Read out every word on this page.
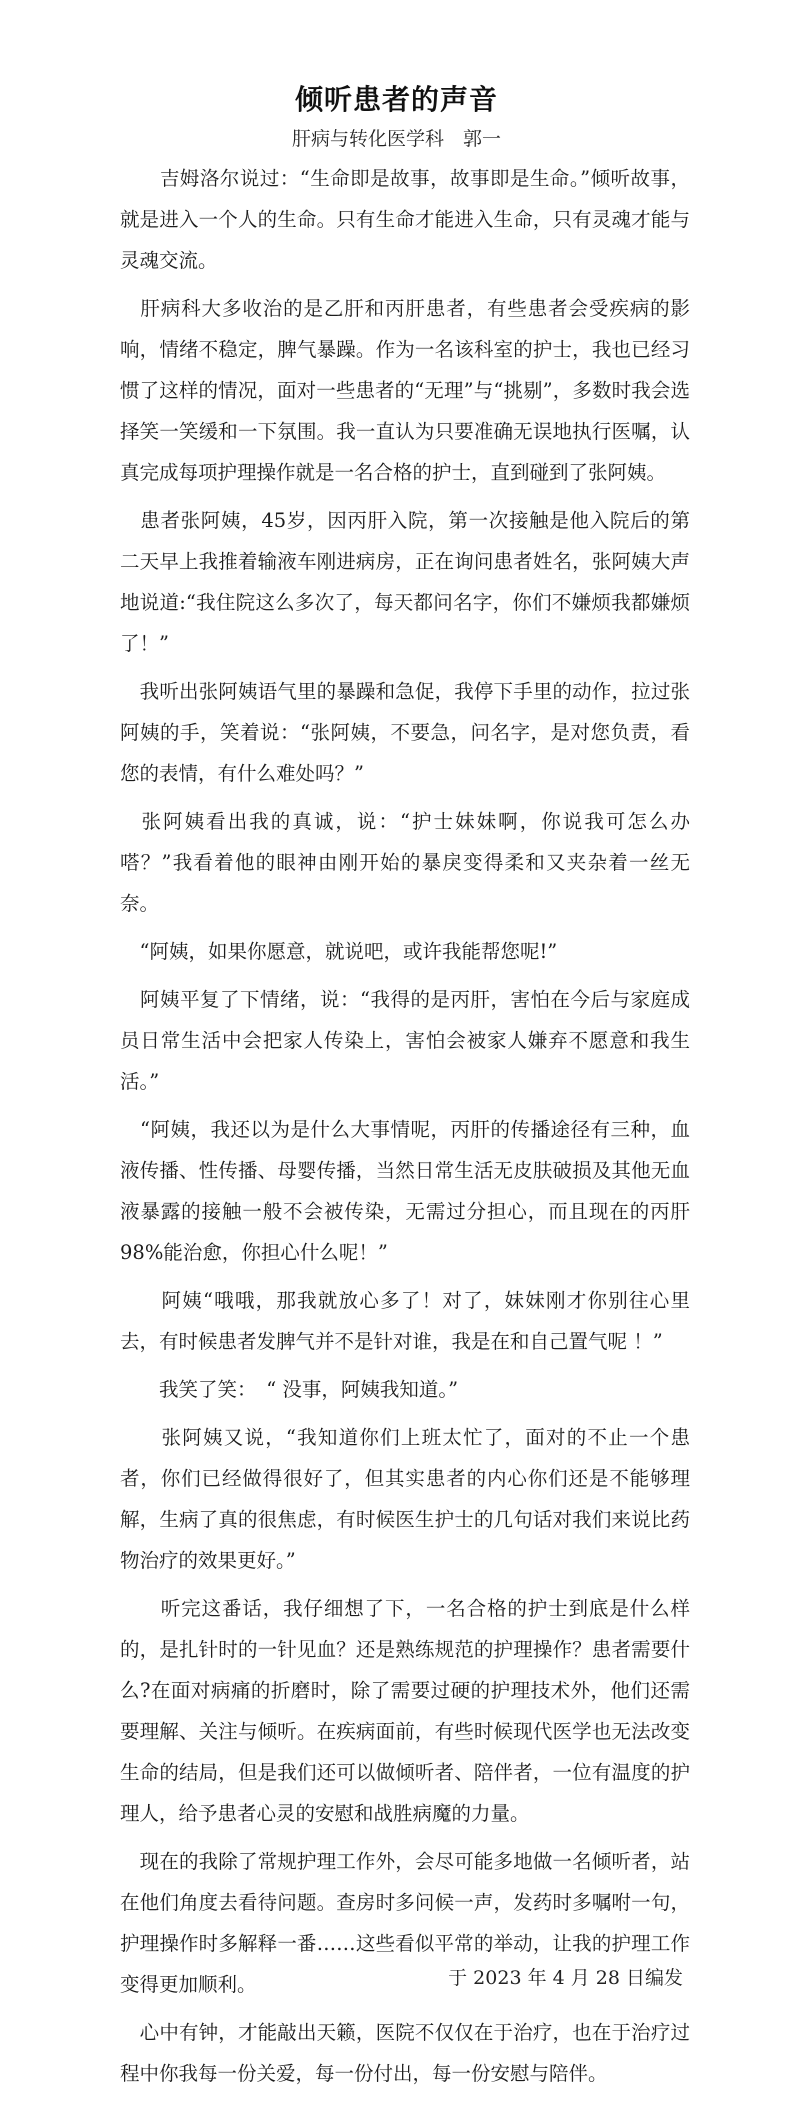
倾听患者的声音
肝病与转化医学科　郭一

　　吉姆洛尔说过：“生命即是故事，故事即是生命。”倾听故事，就是进入一个人的生命。只有生命才能进入生命，只有灵魂才能与灵魂交流。

　肝病科大多收治的是乙肝和丙肝患者，有些患者会受疾病的影响，情绪不稳定，脾气暴躁。作为一名该科室的护士，我也已经习惯了这样的情况，面对一些患者的“无理”与“挑剔”，多数时我会选择笑一笑缓和一下氛围。我一直认为只要准确无误地执行医嘱，认真完成每项护理操作就是一名合格的护士，直到碰到了张阿姨。

　患者张阿姨，45岁，因丙肝入院，第一次接触是他入院后的第二天早上我推着输液车刚进病房，正在询问患者姓名，张阿姨大声地说道:“我住院这么多次了，每天都问名字，你们不嫌烦我都嫌烦了！”

　我听出张阿姨语气里的暴躁和急促，我停下手里的动作，拉过张阿姨的手，笑着说：“张阿姨，不要急，问名字，是对您负责，看您的表情，有什么难处吗？”

　张阿姨看出我的真诚，说：“护士妹妹啊，你说我可怎么办嗒？”我看着他的眼神由刚开始的暴戾变得柔和又夹杂着一丝无奈。

　“阿姨，如果你愿意，就说吧，或许我能帮您呢!”

　阿姨平复了下情绪，说：“我得的是丙肝，害怕在今后与家庭成员日常生活中会把家人传染上，害怕会被家人嫌弃不愿意和我生活。”

　“阿姨，我还以为是什么大事情呢，丙肝的传播途径有三种，血液传播、性传播、母婴传播，当然日常生活无皮肤破损及其他无血液暴露的接触一般不会被传染，无需过分担心，而且现在的丙肝98%能治愈，你担心什么呢！”

　　阿姨“哦哦，那我就放心多了！对了，妹妹刚才你别往心里去，有时候患者发脾气并不是针对谁，我是在和自己置气呢 ！”

　　我笑了笑：　“ 没事，阿姨我知道。”

　　张阿姨又说，“我知道你们上班太忙了，面对的不止一个患者，你们已经做得很好了，但其实患者的内心你们还是不能够理解，生病了真的很焦虑，有时候医生护士的几句话对我们来说比药物治疗的效果更好。”

　　听完这番话，我仔细想了下，一名合格的护士到底是什么样的，是扎针时的一针见血？还是熟练规范的护理操作？患者需要什么?在面对病痛的折磨时，除了需要过硬的护理技术外，他们还需要理解、关注与倾听。在疾病面前，有些时候现代医学也无法改变生命的结局，但是我们还可以做倾听者、陪伴者，一位有温度的护理人，给予患者心灵的安慰和战胜病魔的力量。

　现在的我除了常规护理工作外，会尽可能多地做一名倾听者，站在他们角度去看待问题。查房时多问候一声，发药时多嘱咐一句，护理操作时多解释一番……这些看似平常的举动，让我的护理工作变得更加顺利。

　心中有钟，才能敲出天籁，医院不仅仅在于治疗，也在于治疗过程中你我每一份关爱，每一份付出，每一份安慰与陪伴。

于 2023 年 4 月 28 日编发
